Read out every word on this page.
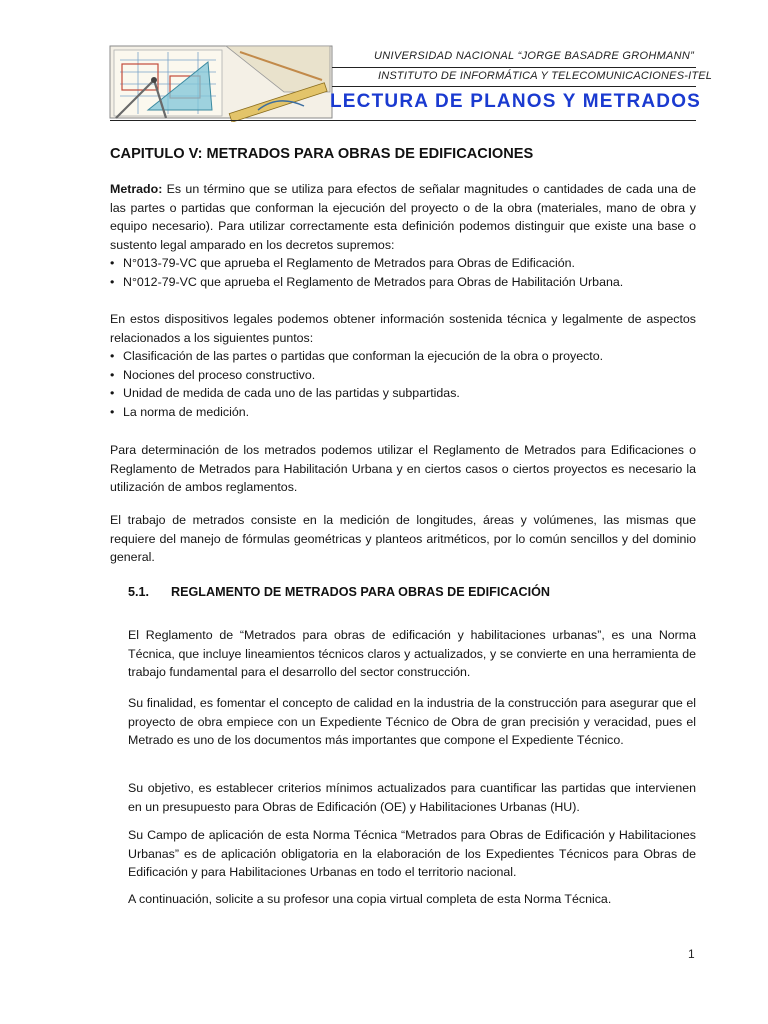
UNIVERSIDAD NACIONAL “JORGE BASADRE GROHMANN”
INSTITUTO DE INFORMÁTICA Y TELECOMUNICACIONES-ITEL
LECTURA DE PLANOS Y METRADOS
CAPITULO V: METRADOS PARA OBRAS DE EDIFICACIONES
Metrado: Es un término que se utiliza para efectos de señalar magnitudes o cantidades de cada una de las partes o partidas que conforman la ejecución del proyecto o de la obra (materiales, mano de obra y equipo necesario). Para utilizar correctamente esta definición podemos distinguir que existe una base o sustento legal amparado en los decretos supremos:
• N°013-79-VC que aprueba el Reglamento de Metrados para Obras de Edificación.
• N°012-79-VC que aprueba el Reglamento de Metrados para Obras de Habilitación Urbana.
En estos dispositivos legales podemos obtener información sostenida técnica y legalmente de aspectos relacionados a los siguientes puntos:
• Clasificación de las partes o partidas que conforman la ejecución de la obra o proyecto.
• Nociones del proceso constructivo.
• Unidad de medida de cada uno de las partidas y subpartidas.
• La norma de medición.
Para determinación de los metrados podemos utilizar el Reglamento de Metrados para Edificaciones o Reglamento de Metrados para Habilitación Urbana y en ciertos casos o ciertos proyectos es necesario la utilización de ambos reglamentos.
El trabajo de metrados consiste en la medición de longitudes, áreas y volúmenes, las mismas que requiere del manejo de fórmulas geométricas y planteos aritméticos, por lo común sencillos y del dominio general.
5.1. REGLAMENTO DE METRADOS PARA OBRAS DE EDIFICACIÓN
El Reglamento de “Metrados para obras de edificación y habilitaciones urbanas”, es una Norma Técnica, que incluye lineamientos técnicos claros y actualizados, y se convierte en una herramienta de trabajo fundamental para el desarrollo del sector construcción.
Su finalidad, es fomentar el concepto de calidad en la industria de la construcción para asegurar que el proyecto de obra empiece con un Expediente Técnico de Obra de gran precisión y veracidad, pues el Metrado es uno de los documentos más importantes que compone el Expediente Técnico.
Su objetivo, es establecer criterios mínimos actualizados para cuantificar las partidas que intervienen en un presupuesto para Obras de Edificación (OE) y Habilitaciones Urbanas (HU).
Su Campo de aplicación de esta Norma Técnica “Metrados para Obras de Edificación y Habilitaciones Urbanas” es de aplicación obligatoria en la elaboración de los Expedientes Técnicos para Obras de Edificación y para Habilitaciones Urbanas en todo el territorio nacional.
A continuación, solicite a su profesor una copia virtual completa de esta Norma Técnica.
1
